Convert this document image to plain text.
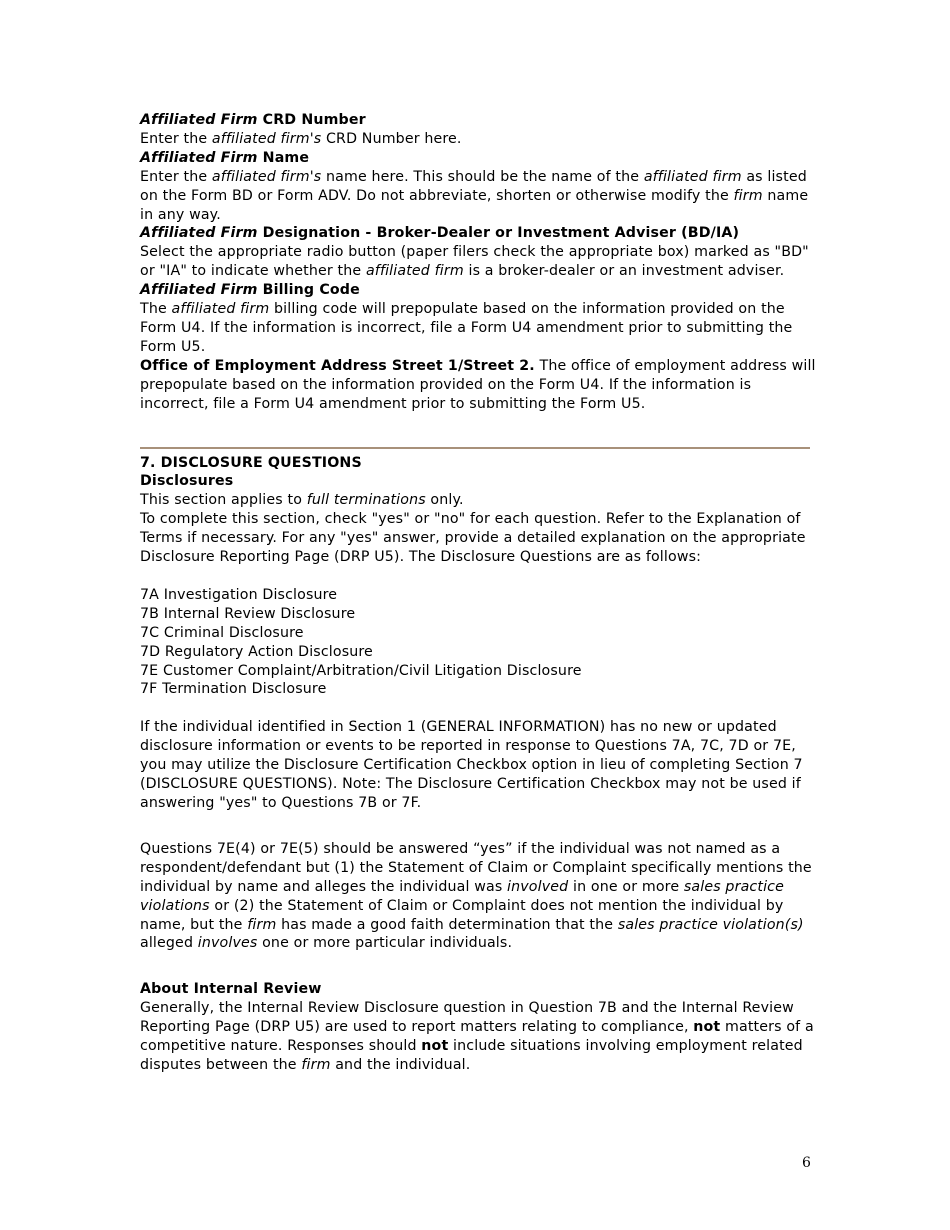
Affiliated Firm CRD Number

Enter the affiliated firm's CRD Number here.

Affiliated Firm Name

Enter the affiliated firm's name here. This should be the name of the affiliated firm as listed on the Form BD or Form ADV. Do not abbreviate, shorten or otherwise modify the firm name in any way.

Affiliated Firm Designation - Broker-Dealer or Investment Adviser (BD/IA)

Select the appropriate radio button (paper filers check the appropriate box) marked as "BD" or "IA" to indicate whether the affiliated firm is a broker-dealer or an investment adviser.

Affiliated Firm Billing Code

The affiliated firm billing code will prepopulate based on the information provided on the Form U4. If the information is incorrect, file a Form U4 amendment prior to submitting the Form U5.

Office of Employment Address Street 1/Street 2. The office of employment address will prepopulate based on the information provided on the Form U4. If the information is incorrect, file a Form U4 amendment prior to submitting the Form U5.

7. DISCLOSURE QUESTIONS

Disclosures

This section applies to full terminations only.

To complete this section, check "yes" or "no" for each question. Refer to the Explanation of Terms if necessary. For any "yes" answer, provide a detailed explanation on the appropriate Disclosure Reporting Page (DRP U5). The Disclosure Questions are as follows:

7A Investigation Disclosure

7B Internal Review Disclosure

7C Criminal Disclosure

7D Regulatory Action Disclosure

7E Customer Complaint/Arbitration/Civil Litigation Disclosure

7F Termination Disclosure

If the individual identified in Section 1 (GENERAL INFORMATION) has no new or updated disclosure information or events to be reported in response to Questions 7A, 7C, 7D or 7E, you may utilize the Disclosure Certification Checkbox option in lieu of completing Section 7 (DISCLOSURE QUESTIONS). Note: The Disclosure Certification Checkbox may not be used if answering "yes" to Questions 7B or 7F.

Questions 7E(4) or 7E(5) should be answered “yes” if the individual was not named as a respondent/defendant but (1) the Statement of Claim or Complaint specifically mentions the individual by name and alleges the individual was involved in one or more sales practice violations or (2) the Statement of Claim or Complaint does not mention the individual by name, but the firm has made a good faith determination that the sales practice violation(s) alleged involves one or more particular individuals.

About Internal Review

Generally, the Internal Review Disclosure question in Question 7B and the Internal Review Reporting Page (DRP U5) are used to report matters relating to compliance, not matters of a competitive nature. Responses should not include situations involving employment related disputes between the firm and the individual.

6
